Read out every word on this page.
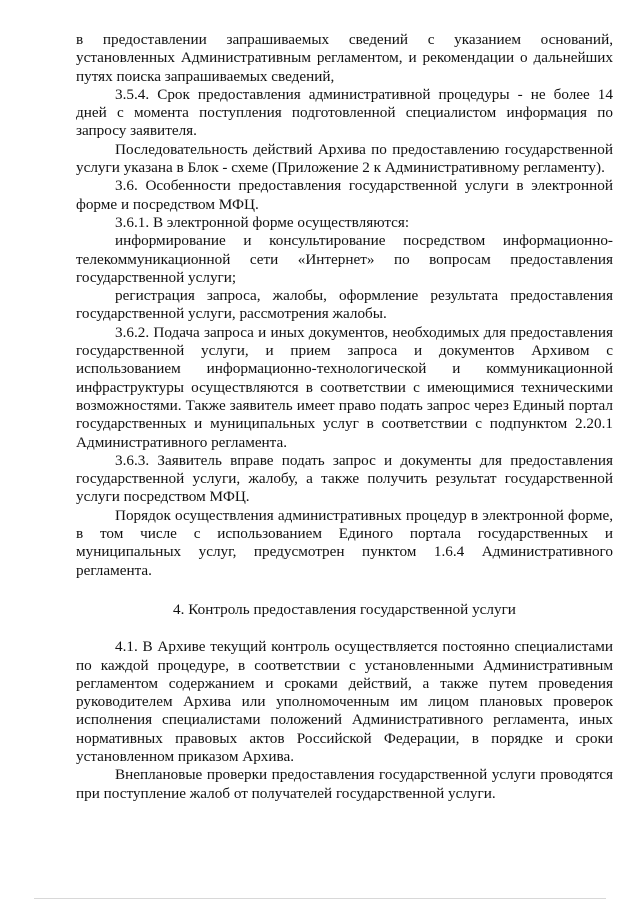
в предоставлении запрашиваемых сведений с указанием оснований, установленных Административным регламентом, и рекомендации о дальнейших путях поиска запрашиваемых сведений,

3.5.4. Срок предоставления административной процедуры - не более 14 дней с момента поступления подготовленной специалистом информация по запросу заявителя.

Последовательность действий Архива по предоставлению государственной услуги указана в Блок - схеме (Приложение 2 к Административному регламенту).

3.6. Особенности предоставления государственной услуги в электронной форме и посредством МФЦ.

3.6.1. В электронной форме осуществляются:

информирование и консультирование посредством информационно-телекоммуникационной сети «Интернет» по вопросам предоставления государственной услуги;

регистрация запроса, жалобы, оформление результата предоставления государственной услуги, рассмотрения жалобы.

3.6.2. Подача запроса и иных документов, необходимых для предоставления государственной услуги, и прием запроса и документов Архивом с использованием информационно-технологической и коммуникационной инфраструктуры осуществляются в соответствии с имеющимися техническими возможностями. Также заявитель имеет право подать запрос через Единый портал государственных и муниципальных услуг в соответствии с подпунктом 2.20.1 Административного регламента.

3.6.3. Заявитель вправе подать запрос и документы для предоставления государственной услуги, жалобу, а также получить результат государственной услуги посредством МФЦ.

Порядок осуществления административных процедур в электронной форме, в том числе с использованием Единого портала государственных и муниципальных услуг, предусмотрен пунктом 1.6.4 Административного регламента.

4. Контроль предоставления государственной услуги

4.1. В Архиве текущий контроль осуществляется постоянно специалистами по каждой процедуре, в соответствии с установленными Административным регламентом содержанием и сроками действий, а также путем проведения руководителем Архива или уполномоченным им лицом плановых проверок исполнения специалистами положений Административного регламента, иных нормативных правовых актов Российской Федерации, в порядке и сроки установленном приказом Архива.

Внеплановые проверки предоставления государственной услуги проводятся при поступление жалоб от получателей государственной услуги.
